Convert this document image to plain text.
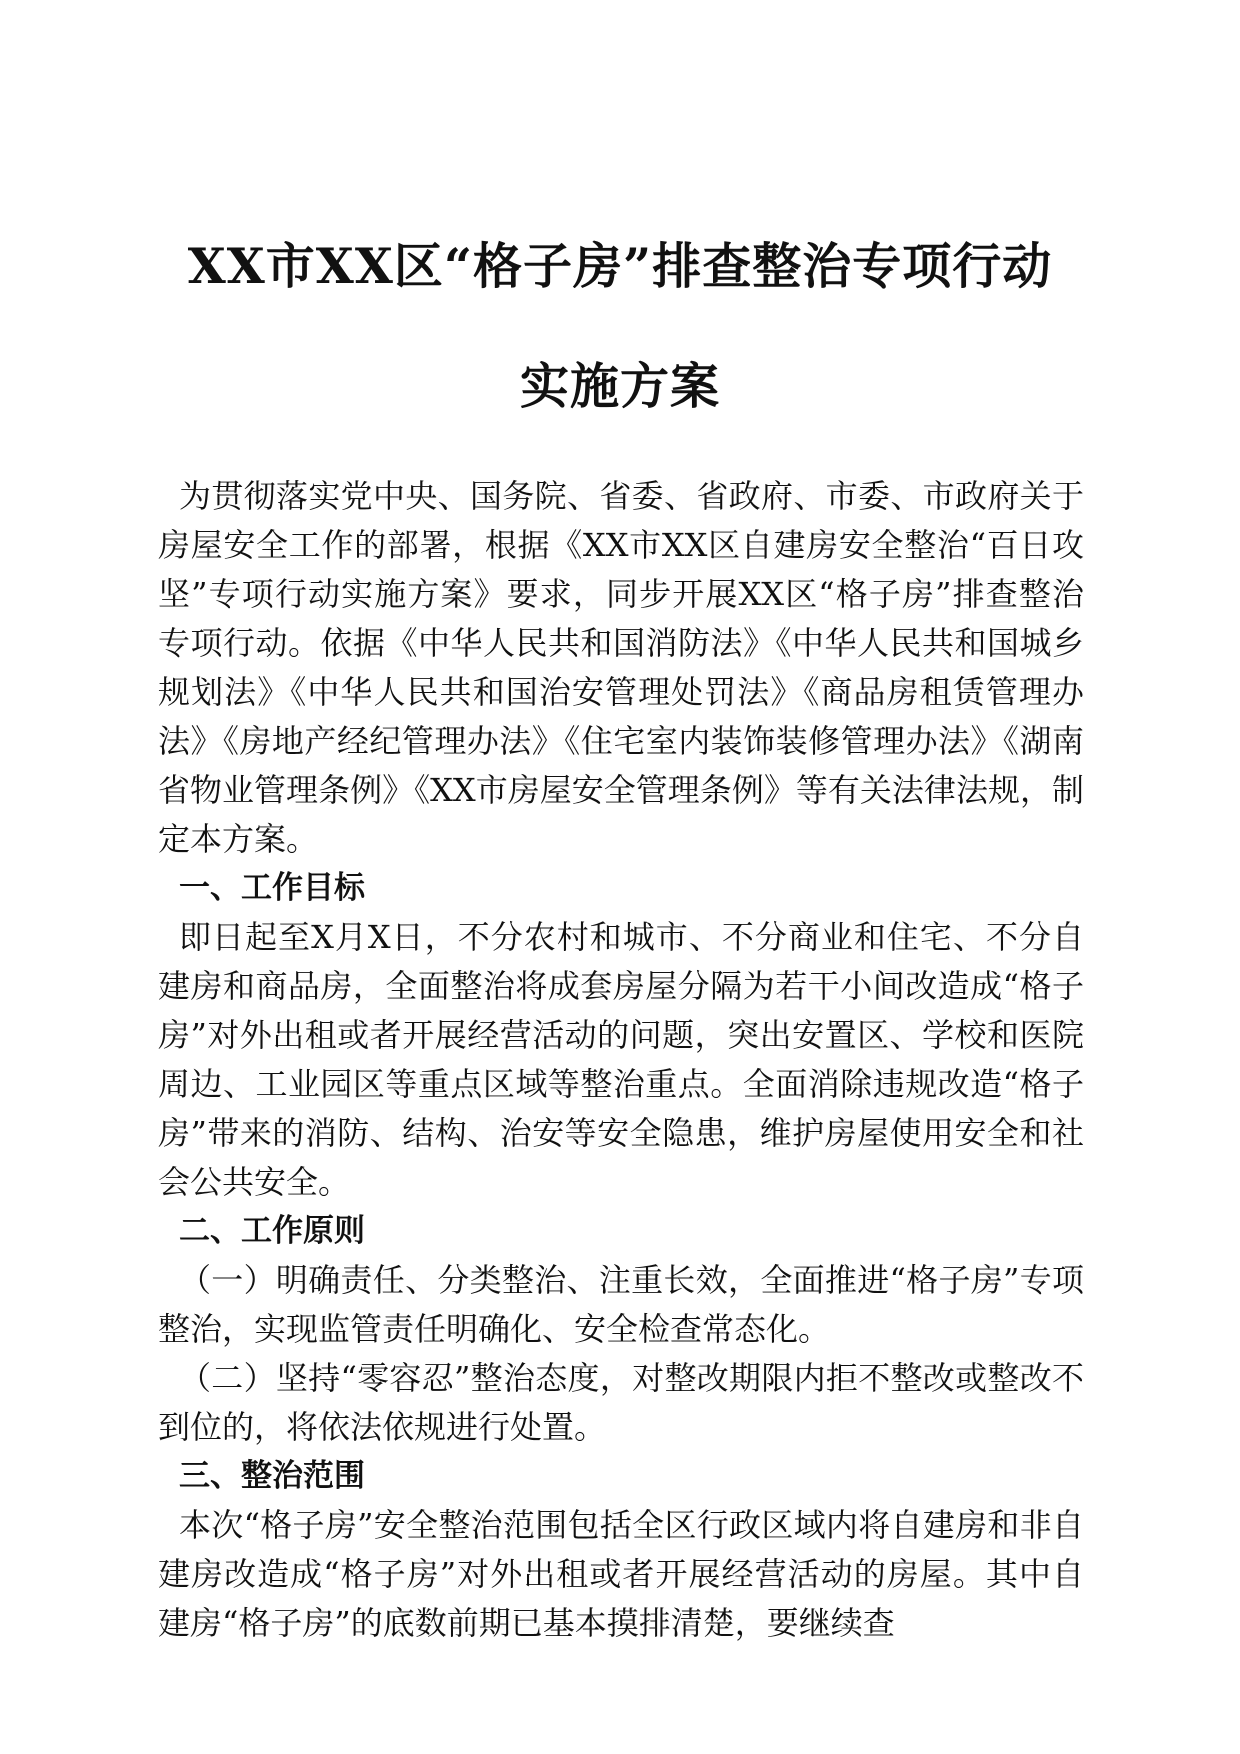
XX市XX区“格子房”排查整治专项行动
实施方案

为贯彻落实党中央、国务院、省委、省政府、市委、市政府关于房屋安全工作的部署，根据《XX市XX区自建房安全整治“百日攻坚”专项行动实施方案》要求，同步开展XX区“格子房”排查整治专项行动。依据《中华人民共和国消防法》《中华人民共和国城乡规划法》《中华人民共和国治安管理处罚法》《商品房租赁管理办法》《房地产经纪管理办法》《住宅室内装饰装修管理办法》《湖南省物业管理条例》《XX市房屋安全管理条例》等有关法律法规，制定本方案。

一、工作目标

即日起至X月X日，不分农村和城市、不分商业和住宅、不分自建房和商品房，全面整治将成套房屋分隔为若干小间改造成“格子房”对外出租或者开展经营活动的问题，突出安置区、学校和医院周边、工业园区等重点区域等整治重点。全面消除违规改造“格子房”带来的消防、结构、治安等安全隐患，维护房屋使用安全和社会公共安全。

二、工作原则

（一）明确责任、分类整治、注重长效，全面推进“格子房”专项整治，实现监管责任明确化、安全检查常态化。

（二）坚持“零容忍”整治态度，对整改期限内拒不整改或整改不到位的，将依法依规进行处置。

三、整治范围

本次“格子房”安全整治范围包括全区行政区域内将自建房和非自建房改造成“格子房”对外出租或者开展经营活动的房屋。其中自建房“格子房”的底数前期已基本摸排清楚，要继续查
